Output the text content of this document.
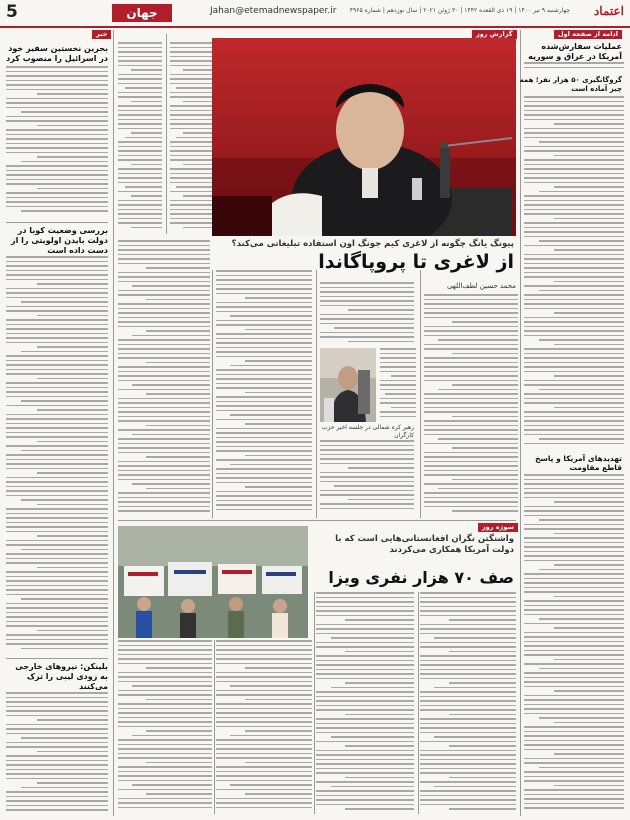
5	جهان	Jahan@etemadnewspaper.ir	چهارشنبه ۹ تیر ۱۴۰۰ | ۱۹ ذی القعده ۱۴۴۲ | ۳۰ ژوئن ۲۰۲۱ | سال نوزدهم | شماره ۴۹۶۵ اعتماد
ادامه از صفحه اول
عملیات سفارش‌شده آمریکا در عراق و سوریه
گروگانگیری ۵۰ هزار نفر؛ همه‌ چیز آماده است
تهدیدهای آمریکا و پاسخ قاطع مقاومت
گزارش روز
پیونگ یانگ چگونه از لاغری کیم جونگ اون استفاده تبلیغاتی می‌کند؟
از لاغری تا پروپاگاندا
محمد حسین لطف‌اللهی
رهبر کره شمالی در جلسه اخیر حزب کارگران
سوژه روز
واشنگتن نگران افغانستانی‌هایی است که با دولت آمریکا همکاری می‌کردند
صف ۷۰ هزار نفری ویزا
خبر
بحرین نخستین سفیر خود در اسرائیل را منصوب کرد
بررسی وضعیت کوبا در دولت بایدن اولویتی را از دست داده است
بلینکن: نیروهای خارجی به زودی لیبی را ترک می‌کنند
